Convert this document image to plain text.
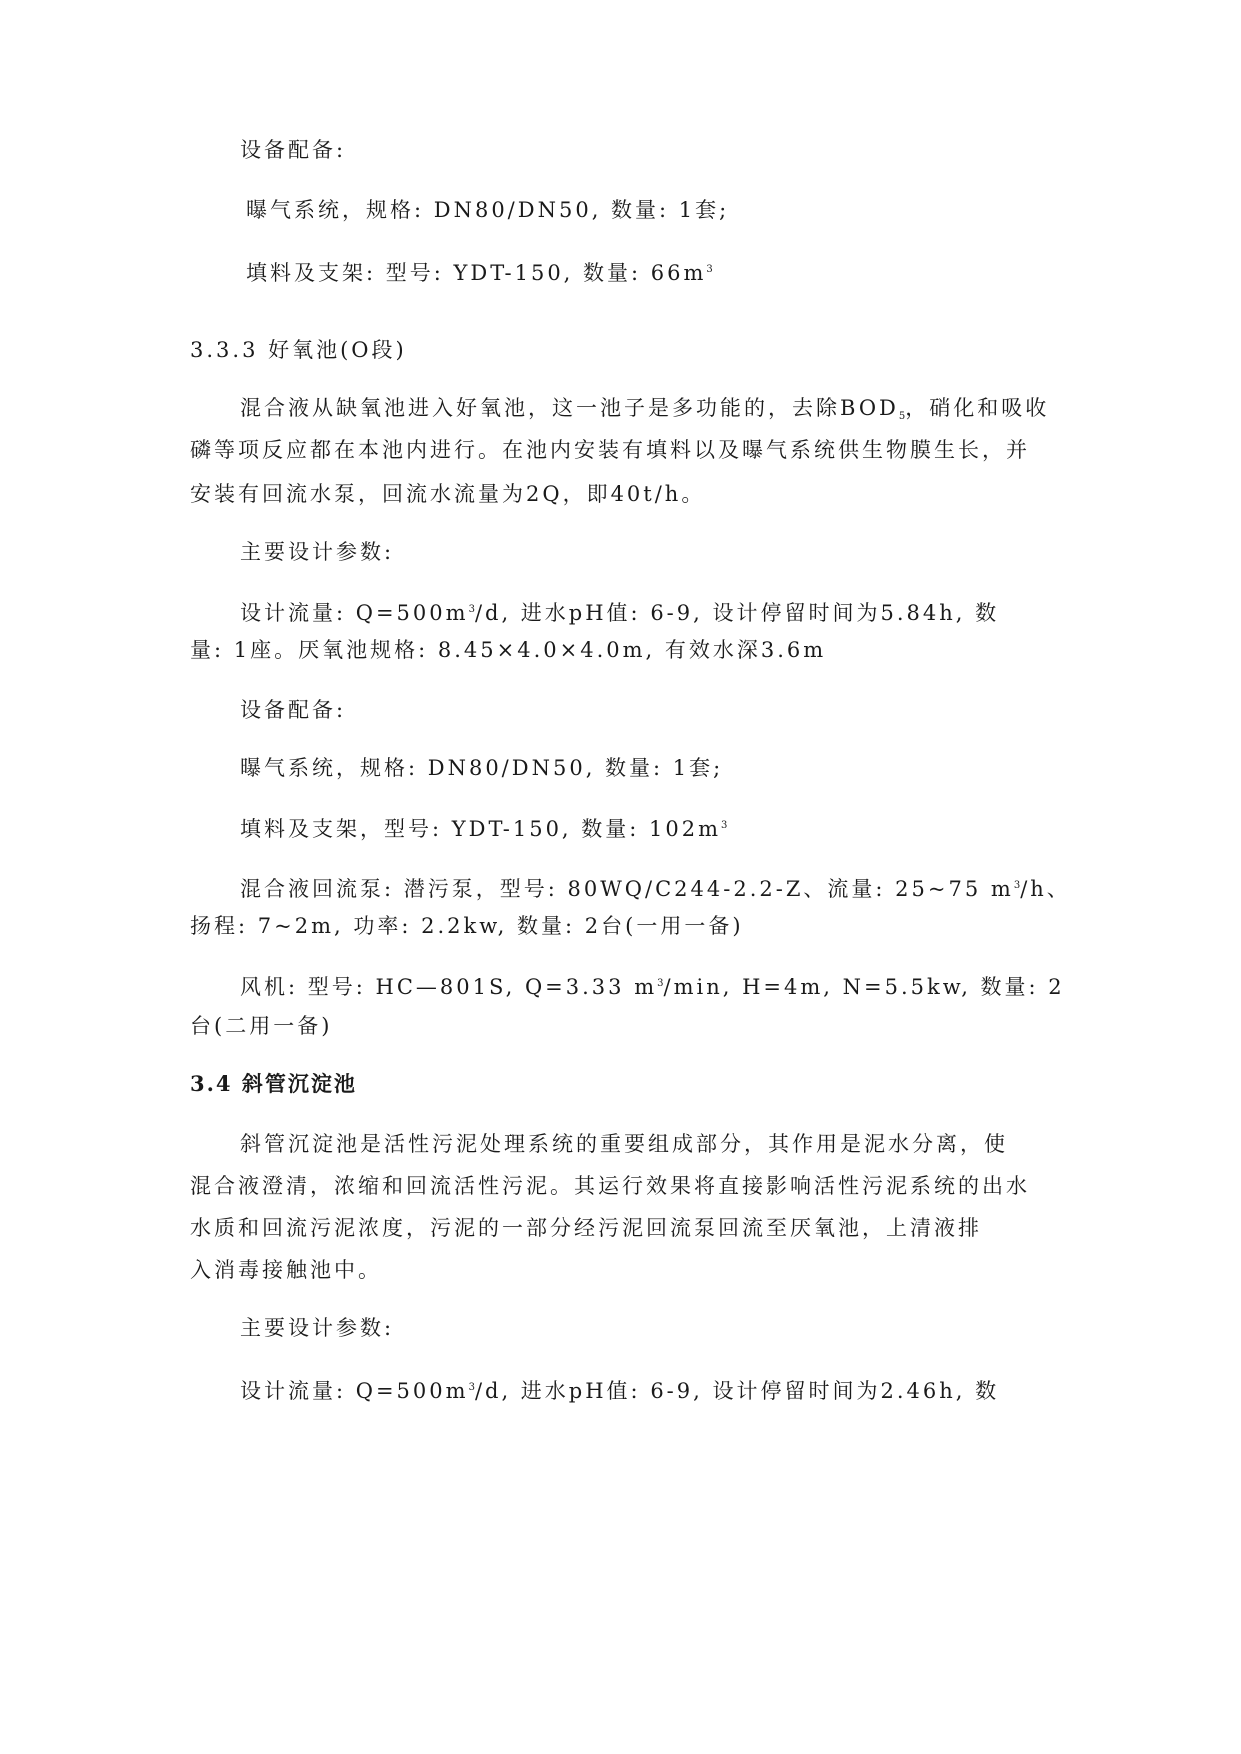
设备配备:
曝气系统，规格: DN80/DN50, 数量: 1套;
填料及支架: 型号: YDT-150, 数量: $66m^3$
3.3.3 好氧池(O段)
混合液从缺氧池进入好氧池，这一池子是多功能的，去除$BOD_5$，硝化和吸收
磷等项反应都在本池内进行。在池内安装有填料以及曝气系统供生物膜生长，并
安装有回流水泵，回流水流量为2Q，即40t/h。
主要设计参数:
设计流量: $Q=500m^3/d$, 进水pH值: 6-9, 设计停留时间为5.84h, 数
量: 1座。厌氧池规格: 8.45×4.0×4.0m, 有效水深3.6m
设备配备:
曝气系统，规格: DN80/DN50, 数量: 1套;
填料及支架，型号: YDT-150, 数量: $102m^3$
混合液回流泵: 潜污泵，型号: 80WQ/C244-2.2-Z、流量: 25~75 $m^3/h$、
扬程: 7~2m, 功率: 2.2kw, 数量: 2台(一用一备)
风机: 型号: HC—801S, Q=3.33 $m^3/\min$, H=4m, N=5.5kw, 数量: 2
台(二用一备)
3.4 斜管沉淀池
斜管沉淀池是活性污泥处理系统的重要组成部分，其作用是泥水分离，使
混合液澄清，浓缩和回流活性污泥。其运行效果将直接影响活性污泥系统的出水
水质和回流污泥浓度，污泥的一部分经污泥回流泵回流至厌氧池，上清液排
入消毒接触池中。
主要设计参数:
设计流量: $Q=500m^3/d$, 进水pH值: 6-9, 设计停留时间为2.46h, 数
